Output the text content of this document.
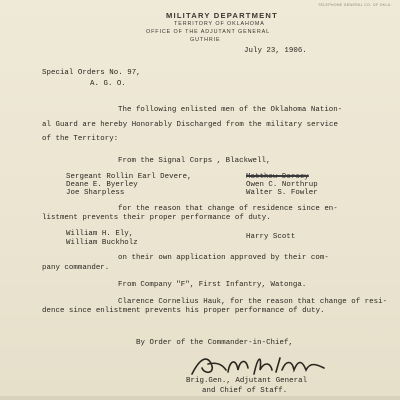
TELEPHONE GENERAL CO. OF OKLA.
MILITARY DEPARTMENT
TERRITORY OF OKLAHOMA
OFFICE OF THE ADJUTANT GENERAL
GUTHRIE
July 23, 1906.
Special Orders No. 97,
A. G. O.
The following enlisted men of the Oklahoma Nation-
al Guard are hereby Honorably Discharged from the military service
of the Territory:
From the Signal Corps , Blackwell,
Sergeant Rollin Earl Devere,
Deane E. Byerley
Joe Sharpless
Matthew Dorsey
Owen C. Northrup
Walter S. Fowler
for the reason that change of residence since en-
listment prevents their proper performance of duty.
William H. Ely,
William Buckholz
Harry Scott
on their own application approved by their com-
pany commander.
From Company "F", First Infantry, Watonga.
Clarence Cornelius Hauk, for the reason that change of resi-
dence since enlistment prevents his proper performance of duty.
By Order of the Commander-in-Chief,
Brig.Gen., Adjutant General
and Chief of Staff.
